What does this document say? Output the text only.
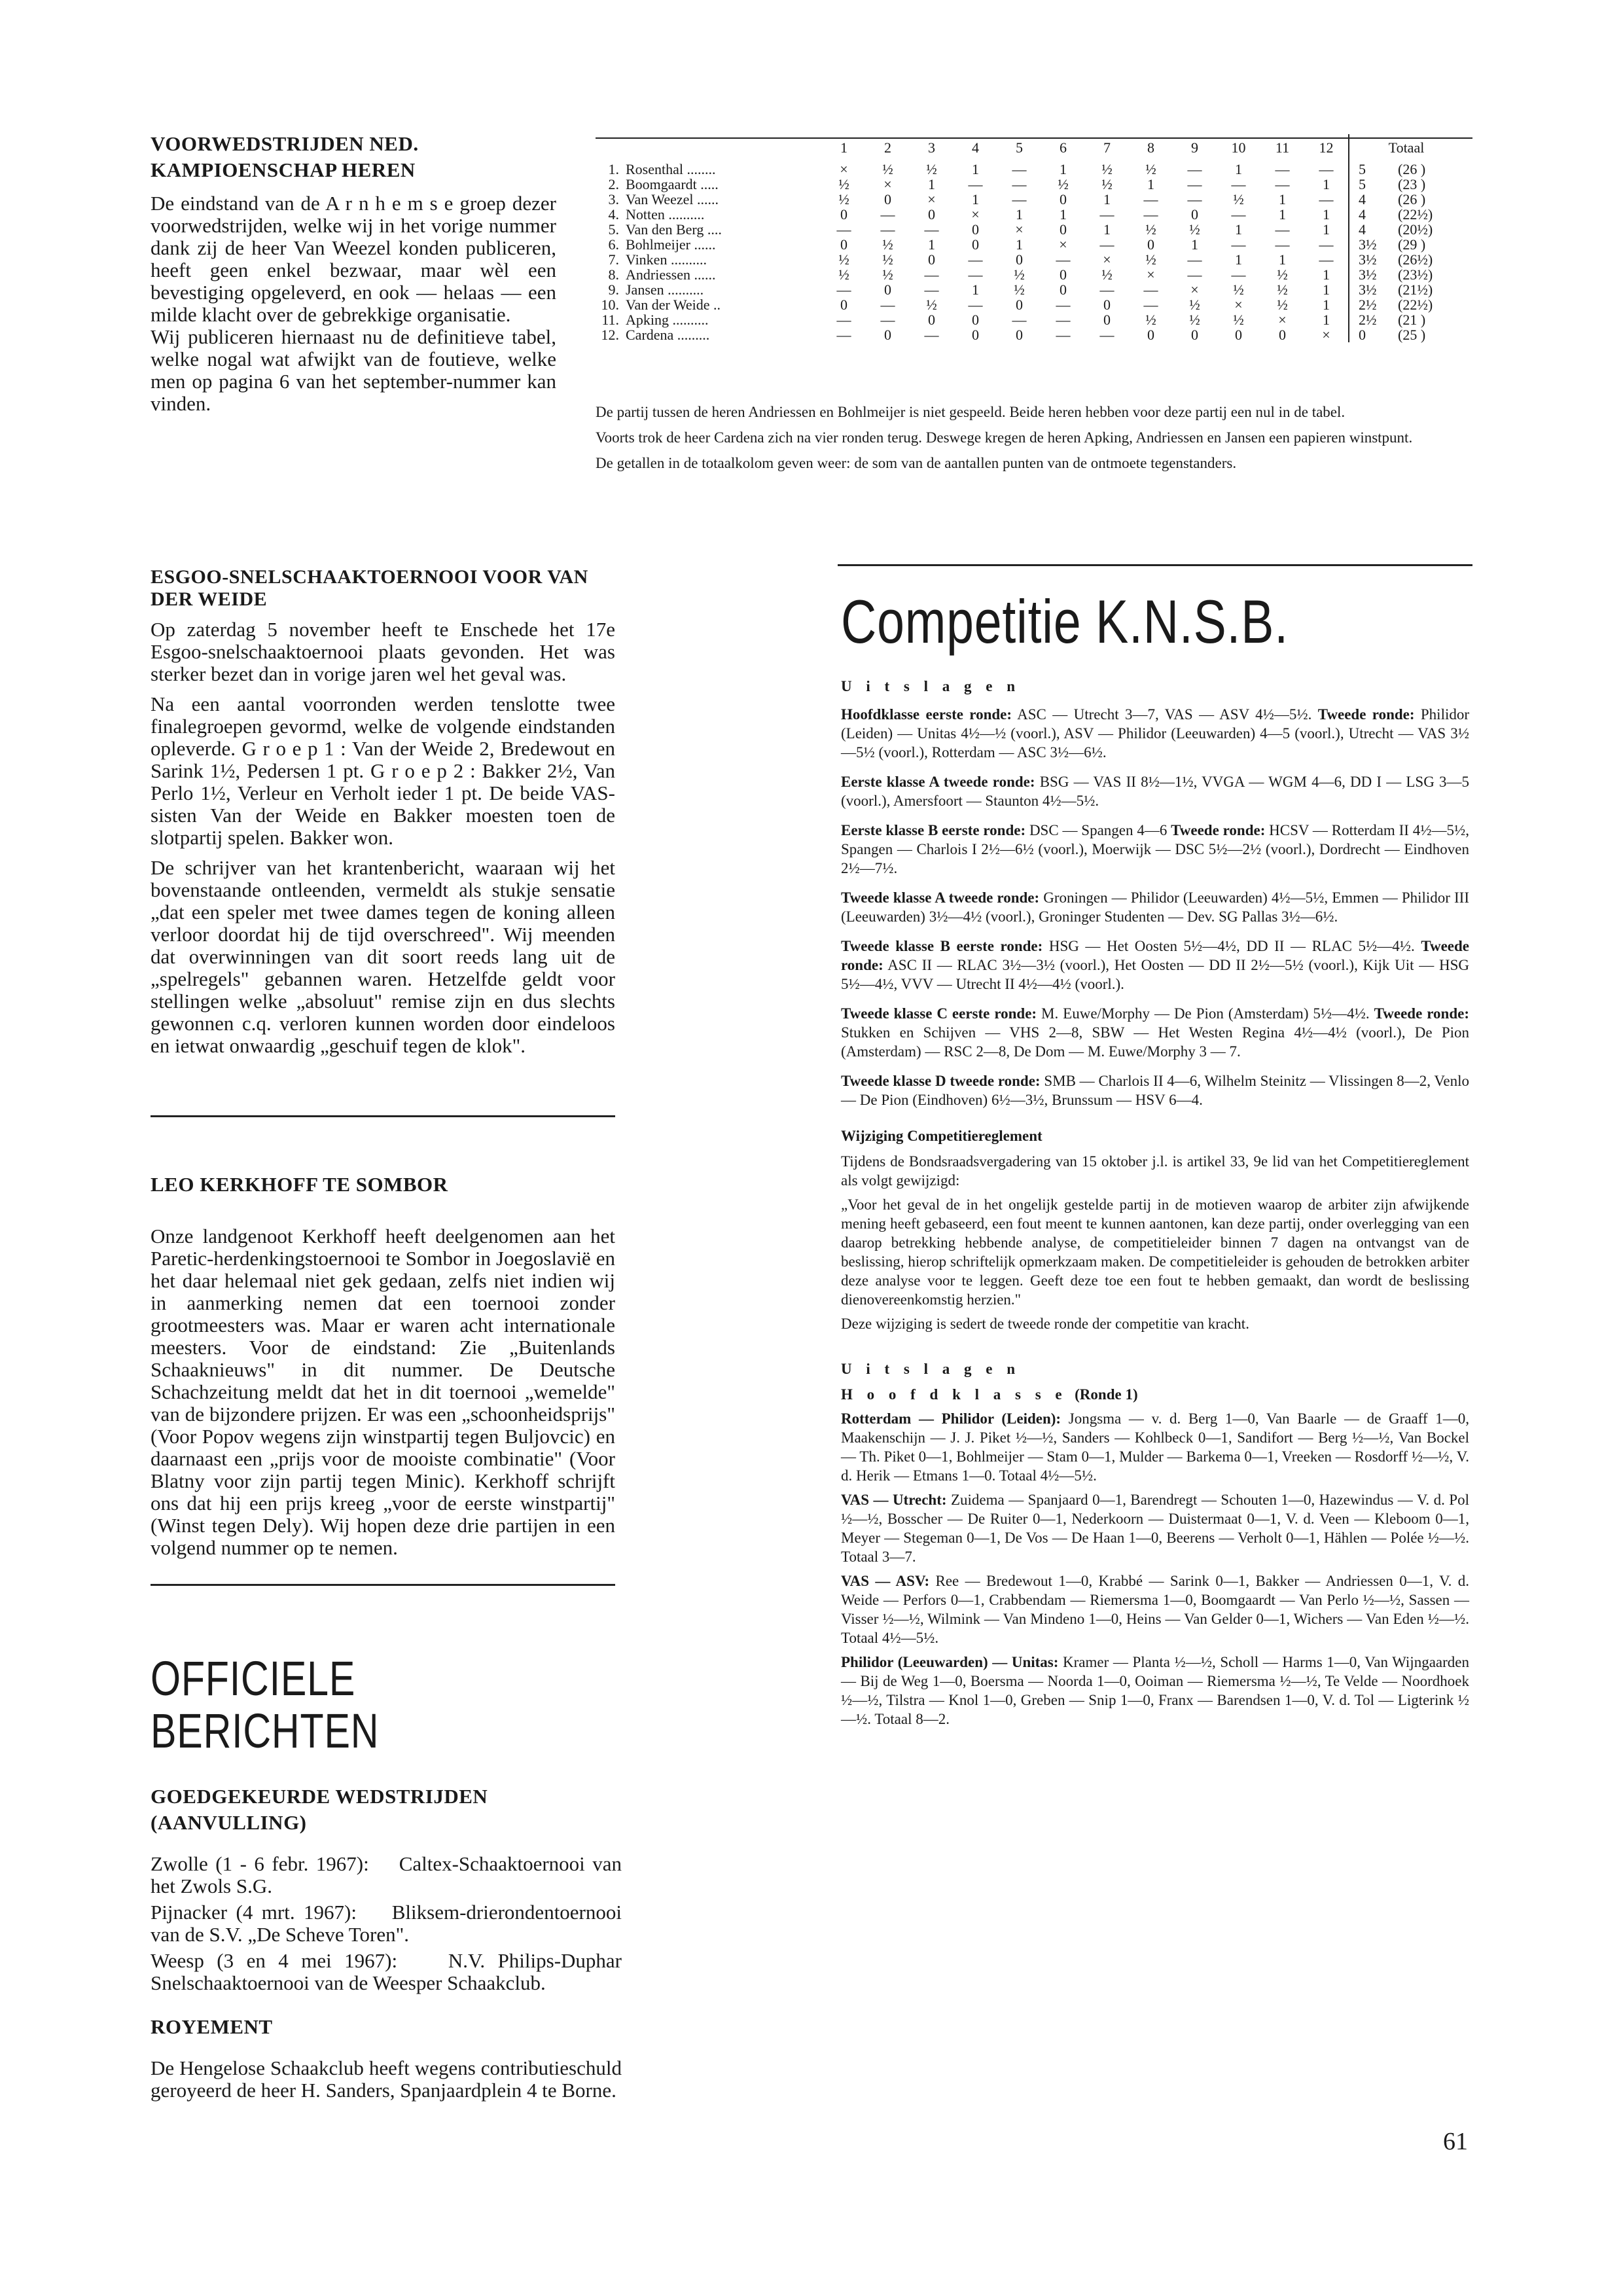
VOORWEDSTRIJDEN NED. KAMPIOENSCHAP HEREN

De eindstand van de A r n h e m s e groep dezer voorwedstrijden, welke wij in het vorige nummer dank zij de heer Van Weezel konden publiceren, heeft geen enkel bezwaar, maar wèl een bevestiging opgeleverd, en ook — helaas — een milde klacht over de gebrekkige organisatie.

Wij publiceren hiernaast nu de definitieve tabel, welke nogal wat afwijkt van de foutieve, welke men op pagina 6 van het september-nummer kan vinden.

		1	2	3	4	5	6	7	8	9	10	11	12	Totaal	
1.	Rosenthal ........	×	½	½	1	—	1	½	½	—	1	—	—	5	(26 )
2.	Boomgaardt .....	½	×	1	—	—	½	½	1	—	—	—	1	5	(23 )
3.	Van Weezel ......	½	0	×	1	—	0	1	—	—	½	1	—	4	(26 )
4.	Notten ..........	0	—	0	×	1	1	—	—	0	—	1	1	4	(22½)
5.	Van den Berg ....	—	—	—	0	×	0	1	½	½	1	—	1	4	(20½)
6.	Bohlmeijer ......	0	½	1	0	1	×	—	0	1	—	—	—	3½	(29 )
7.	Vinken ..........	½	½	0	—	0	—	×	½	—	1	1	—	3½	(26½)
8.	Andriessen ......	½	½	—	—	½	0	½	×	—	—	½	1	3½	(23½)
9.	Jansen ..........	—	0	—	1	½	0	—	—	×	½	½	1	3½	(21½)
10.	Van der Weide ..	0	—	½	—	0	—	0	—	½	×	½	1	2½	(22½)
11.	Apking ..........	—	—	0	0	—	—	0	½	½	½	×	1	2½	(21 )
12.	Cardena .........	—	0	—	0	0	—	—	0	0	0	0	×	0	(25 )

De partij tussen de heren Andriessen en Bohlmeijer is niet gespeeld. Beide heren hebben voor deze partij een nul in de tabel.

Voorts trok de heer Cardena zich na vier ronden terug. Deswege kregen de heren Apking, Andriessen en Jansen een papieren winstpunt.

De getallen in de totaalkolom geven weer: de som van de aantallen punten van de ontmoete tegenstanders.

ESGOO-SNELSCHAAKTOERNOOI VOOR VAN DER WEIDE

Op zaterdag 5 november heeft te Enschede het 17e Esgoo-snelschaaktoernooi plaats gevonden. Het was sterker bezet dan in vorige jaren wel het geval was.

Na een aantal voorronden werden tenslotte twee finalegroepen gevormd, welke de volgende eindstanden opleverde. G r o e p 1 : Van der Weide 2, Bredewout en Sarink 1½, Pedersen 1 pt. G r o e p 2 : Bakker 2½, Van Perlo 1½, Verleur en Verholt ieder 1 pt. De beide VAS-sisten Van der Weide en Bakker moesten toen de slotpartij spelen. Bakker won.

De schrijver van het krantenbericht, waaraan wij het bovenstaande ontleenden, vermeldt als stukje sensatie „dat een speler met twee dames tegen de koning alleen verloor doordat hij de tijd overschreed". Wij meenden dat overwinningen van dit soort reeds lang uit de „spelregels" gebannen waren. Hetzelfde geldt voor stellingen welke „absoluut" remise zijn en dus slechts gewonnen c.q. verloren kunnen worden door eindeloos en ietwat onwaardig „geschuif tegen de klok".

LEO KERKHOFF TE SOMBOR

Onze landgenoot Kerkhoff heeft deelgenomen aan het Paretic-herdenkingstoernooi te Sombor in Joegoslavië en het daar helemaal niet gek gedaan, zelfs niet indien wij in aanmerking nemen dat een toernooi zonder grootmeesters was. Maar er waren acht internationale meesters. Voor de eindstand: Zie „Buitenlands Schaaknieuws" in dit nummer. De Deutsche Schachzeitung meldt dat het in dit toernooi „wemelde" van de bijzondere prijzen. Er was een „schoonheidsprijs" (Voor Popov wegens zijn winstpartij tegen Buljovcic) en daarnaast een „prijs voor de mooiste combinatie" (Voor Blatny voor zijn partij tegen Minic). Kerkhoff schrijft ons dat hij een prijs kreeg „voor de eerste winstpartij" (Winst tegen Dely). Wij hopen deze drie partijen in een volgend nummer op te nemen.

OFFICIELE BERICHTEN
GOEDGEKEURDE WEDSTRIJDEN (AANVULLING)

Zwolle (1 - 6 febr. 1967): Caltex-Schaaktoernooi van het Zwols S.G.

Pijnacker (4 mrt. 1967): Bliksem-drierondentoernooi van de S.V. „De Scheve Toren".

Weesp (3 en 4 mei 1967):	N.V. Philips-Duphar Snelschaaktoernooi van de Weesper Schaakclub.

ROYEMENT

De Hengelose Schaakclub heeft wegens contributieschuld geroyeerd de heer H. Sanders, Spanjaardplein 4 te Borne.

Competitie K.N.S.B.
U i t s l a g e n

Hoofdklasse eerste ronde: ASC — Utrecht 3—7, VAS — ASV 4½—5½. Tweede ronde: Philidor (Leiden) — Unitas 4½—½ (voorl.), ASV — Philidor (Leeuwarden) 4—5 (voorl.), Utrecht — VAS 3½—5½ (voorl.), Rotterdam — ASC 3½—6½.

Eerste klasse A tweede ronde: BSG — VAS II 8½—1½, VVGA — WGM 4—6, DD I — LSG 3—5 (voorl.), Amersfoort — Staunton 4½—5½.

Eerste klasse B eerste ronde: DSC — Spangen 4—6 Tweede ronde: HCSV — Rotterdam II 4½—5½, Spangen — Charlois I 2½—6½ (voorl.), Moerwijk — DSC 5½—2½ (voorl.), Dordrecht — Eindhoven 2½—7½.

Tweede klasse A tweede ronde: Groningen — Philidor (Leeuwarden) 4½—5½, Emmen — Philidor III (Leeuwarden) 3½—4½ (voorl.), Groninger Studenten — Dev. SG Pallas 3½—6½.

Tweede klasse B eerste ronde: HSG — Het Oosten 5½—4½, DD II — RLAC 5½—4½. Tweede ronde: ASC II — RLAC 3½—3½ (voorl.), Het Oosten — DD II 2½—5½ (voorl.), Kijk Uit — HSG 5½—4½, VVV — Utrecht II 4½—4½ (voorl.).

Tweede klasse C eerste ronde: M. Euwe/Morphy — De Pion (Amsterdam) 5½—4½. Tweede ronde: Stukken en Schijven — VHS 2—8, SBW — Het Westen Regina 4½—4½ (voorl.), De Pion (Amsterdam) — RSC 2—8, De Dom — M. Euwe/Morphy 3 — 7.

Tweede klasse D tweede ronde: SMB — Charlois II 4—6, Wilhelm Steinitz — Vlissingen 8—2, Venlo — De Pion (Eindhoven) 6½—3½, Brunssum — HSV 6—4.

Wijziging Competitiereglement

Tijdens de Bondsraadsvergadering van 15 oktober j.l. is artikel 33, 9e lid van het Competitiereglement als volgt gewijzigd:

„Voor het geval de in het ongelijk gestelde partij in de motieven waarop de arbiter zijn afwijkende mening heeft gebaseerd, een fout meent te kunnen aantonen, kan deze partij, onder overlegging van een daarop betrekking hebbende analyse, de competitieleider binnen 7 dagen na ontvangst van de beslissing, hierop schriftelijk opmerkzaam maken. De competitieleider is gehouden de betrokken arbiter deze analyse voor te leggen. Geeft deze toe een fout te hebben gemaakt, dan wordt de beslissing dienovereenkomstig herzien."

Deze wijziging is sedert de tweede ronde der competitie van kracht.

U i t s l a g e n
H o o f d k l a s s e (Ronde 1)

Rotterdam — Philidor (Leiden): Jongsma — v. d. Berg 1—0, Van Baarle — de Graaff 1—0, Maakenschijn — J. J. Piket ½—½, Sanders — Kohlbeck 0—1, Sandifort — Berg ½—½, Van Bockel — Th. Piket 0—1, Bohlmeijer — Stam 0—1, Mulder — Barkema 0—1, Vreeken — Rosdorff ½—½, V. d. Herik — Etmans 1—0. Totaal 4½—5½.

VAS — Utrecht: Zuidema — Spanjaard 0—1, Barendregt — Schouten 1—0, Hazewindus — V. d. Pol ½—½, Bosscher — De Ruiter 0—1, Nederkoorn — Duistermaat 0—1, V. d. Veen — Kleboom 0—1, Meyer — Stegeman 0—1, De Vos — De Haan 1—0, Beerens — Verholt 0—1, Hählen — Polée ½—½. Totaal 3—7.

VAS — ASV: Ree — Bredewout 1—0, Krabbé — Sarink 0—1, Bakker — Andriessen 0—1, V. d. Weide — Perfors 0—1, Crabbendam — Riemersma 1—0, Boomgaardt — Van Perlo ½—½, Sassen — Visser ½—½, Wilmink — Van Mindeno 1—0, Heins — Van Gelder 0—1, Wichers — Van Eden ½—½. Totaal 4½—5½.

Philidor (Leeuwarden) — Unitas: Kramer — Planta ½—½, Scholl — Harms 1—0, Van Wijngaarden — Bij de Weg 1—0, Boersma — Noorda 1—0, Ooiman — Riemersma ½—½, Te Velde — Noordhoek ½—½, Tilstra — Knol 1—0, Greben — Snip 1—0, Franx — Barendsen 1—0, V. d. Tol — Ligterink ½—½. Totaal 8—2.

61
